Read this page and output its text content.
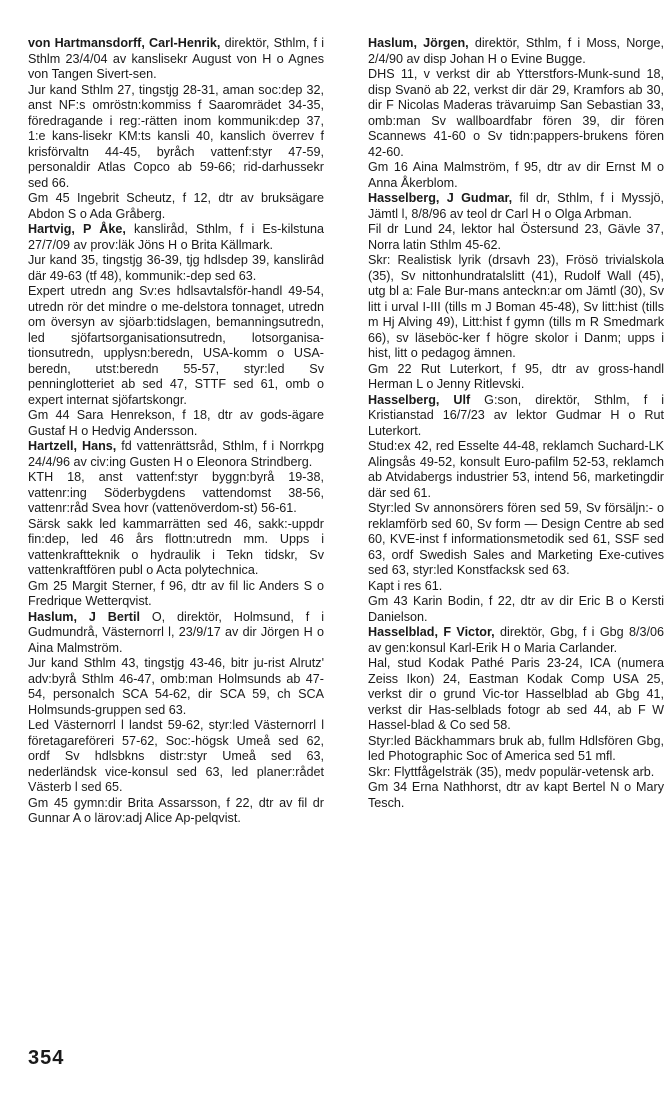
von Hartmansdorff, Carl-Henrik, direktör, Sthlm, f i Sthlm 23/4/04 av kanslisekr August von H o Agnes von Tangen Sivert-sen.

Jur kand Sthlm 27, tingstjg 28-31, aman soc:dep 32, anst NF:s omröstn:kommiss f Saaromrädet 34-35, föredragande i reg:-rätten inom kommunik:dep 37, 1:e kans-lisekr KM:ts kansli 40, kanslich överrev f krisförvaltn 44-45, byråch vattenf:styr 47-59, personaldir Atlas Copco ab 59-66; rid-darhussekr sed 66.

Gm 45 Ingebrit Scheutz, f 12, dtr av bruksägare Abdon S o Ada Gråberg.

Hartvig, P Åke, kansliråd, Sthlm, f i Es-kilstuna 27/7/09 av prov:läk Jöns H o Brita Källmark.

Jur kand 35, tingstjg 36-39, tjg hdlsdep 39, kanslirâd där 49-63 (tf 48), kommunik:-dep sed 63.

Expert utredn ang Sv:es hdlsavtalsför-handl 49-54, utredn rör det mindre o me-delstora tonnaget, utredn om översyn av sjöarb:tidslagen, bemanningsutredn, led sjöfartsorganisationsutredn, lotsorganisa-tionsutredn, upplysn:beredn, USA-komm o USA-beredn, utst:beredn 55-57, styr:led Sv penninglotteriet ab sed 47, STTF sed 61, omb o expert internat sjöfartskongr.

Gm 44 Sara Henrekson, f 18, dtr av gods-ägare Gustaf H o Hedvig Andersson.

Hartzell, Hans, fd vattenrättsråd, Sthlm, f i Norrkpg 24/4/96 av civ:ing Gusten H o Eleonora Strindberg.

KTH 18, anst vattenf:styr byggn:byrå 19-38, vattenr:ing Söderbygdens vattendomst 38-56, vattenr:råd Svea hovr (vattenöverdom-st) 56-61.

Särsk sakk led kammarrätten sed 46, sakk:-uppdr fin:dep, led 46 års flottn:utredn mm. Upps i vattenkraftteknik o hydraulik i Tekn tidskr, Sv vattenkraftfören publ o Acta polytechnica.

Gm 25 Margit Sterner, f 96, dtr av fil lic Anders S o Fredrique Wetterqvist.

Haslum, J Bertil O, direktör, Holmsund, f i Gudmundrå, Västernorrl l, 23/9/17 av dir Jörgen H o Aina Malmström.

Jur kand Sthlm 43, tingstjg 43-46, bitr ju-rist Alrutz' adv:byrå Sthlm 46-47, omb:man Holmsunds ab 47-54, personalch SCA 54-62, dir SCA 59, ch SCA Holmsunds-gruppen sed 63.

Led Västernorrl l landst 59-62, styr:led Västernorrl l företagareföreri 57-62, Soc:-högsk Umeå sed 62, ordf Sv hdlsbkns distr:styr Umeå sed 63, nederländsk vice-konsul sed 63, led planer:rådet Västerb l sed 65.

Gm 45 gymn:dir Brita Assarsson, f 22, dtr av fil dr Gunnar A o lärov:adj Alice Ap-pelqvist.

Haslum, Jörgen, direktör, Sthlm, f i Moss, Norge, 2/4/90 av disp Johan H o Evine Bugge.

DHS 11, v verkst dir ab Ytterstfors-Munk-sund 18, disp Svanö ab 22, verkst dir där 29, Kramfors ab 30, dir F Nicolas Maderas trävaruimp San Sebastian 33, omb:man Sv wallboardfabr fören 39, dir fören Scannews 41-60 o Sv tidn:pappers-brukens fören 42-60.

Gm 16 Aina Malmström, f 95, dtr av dir Ernst M o Anna Åkerblom.

Hasselberg, J Gudmar, fil dr, Sthlm, f i Myssjö, Jämtl l, 8/8/96 av teol dr Carl H o Olga Arbman.

Fil dr Lund 24, lektor hal Östersund 23, Gävle 37, Norra latin Sthlm 45-62.

Skr: Realistisk lyrik (drsavh 23), Frösö trivialskola (35), Sv nittonhundratalslitt (41), Rudolf Wall (45), utg bl a: Fale Bur-mans anteckn:ar om Jämtl (30), Sv litt i urval I-III (tills m J Boman 45-48), Sv litt:hist (tills m Hj Alving 49), Litt:hist f gymn (tills m R Smedmark 66), sv läseböc-ker f högre skolor i Danm; upps i hist, litt o pedagog ämnen.

Gm 22 Rut Luterkort, f 95, dtr av gross-handl Herman L o Jenny Ritlevski.

Hasselberg, Ulf G:son, direktör, Sthlm, f i Kristianstad 16/7/23 av lektor Gudmar H o Rut Luterkort.

Stud:ex 42, red Esselte 44-48, reklamch Suchard-LK Alingsås 49-52, konsult Euro-pafilm 52-53, reklamch ab Atvidabergs industrier 53, intend 56, marketingdir där sed 61.

Styr:led Sv annonsörers fören sed 59, Sv försäljn:- o reklamförb sed 60, Sv form — Design Centre ab sed 60, KVE-inst f informationsmetodik sed 61, SSF sed 63, ordf Swedish Sales and Marketing Exe-cutives sed 63, styr:led Konstfacksk sed 63.

Kapt i res 61.

Gm 43 Karin Bodin, f 22, dtr av dir Eric B o Kersti Danielson.

Hasselblad, F Victor, direktör, Gbg, f i Gbg 8/3/06 av gen:konsul Karl-Erik H o Maria Carlander.

Hal, stud Kodak Pathé Paris 23-24, ICA (numera Zeiss Ikon) 24, Eastman Kodak Comp USA 25, verkst dir o grund Vic-tor Hasselblad ab Gbg 41, verkst dir Has-selblads fotogr ab sed 44, ab F W Hassel-blad & Co sed 58.

Styr:led Bäckhammars bruk ab, fullm Hdlsfören Gbg, led Photographic Soc of America sed 51 mfl.

Skr: Flyttfågelsträk (35), medv populär-vetensk arb.

Gm 34 Erna Nathhorst, dtr av kapt Bertel N o Mary Tesch.

354
